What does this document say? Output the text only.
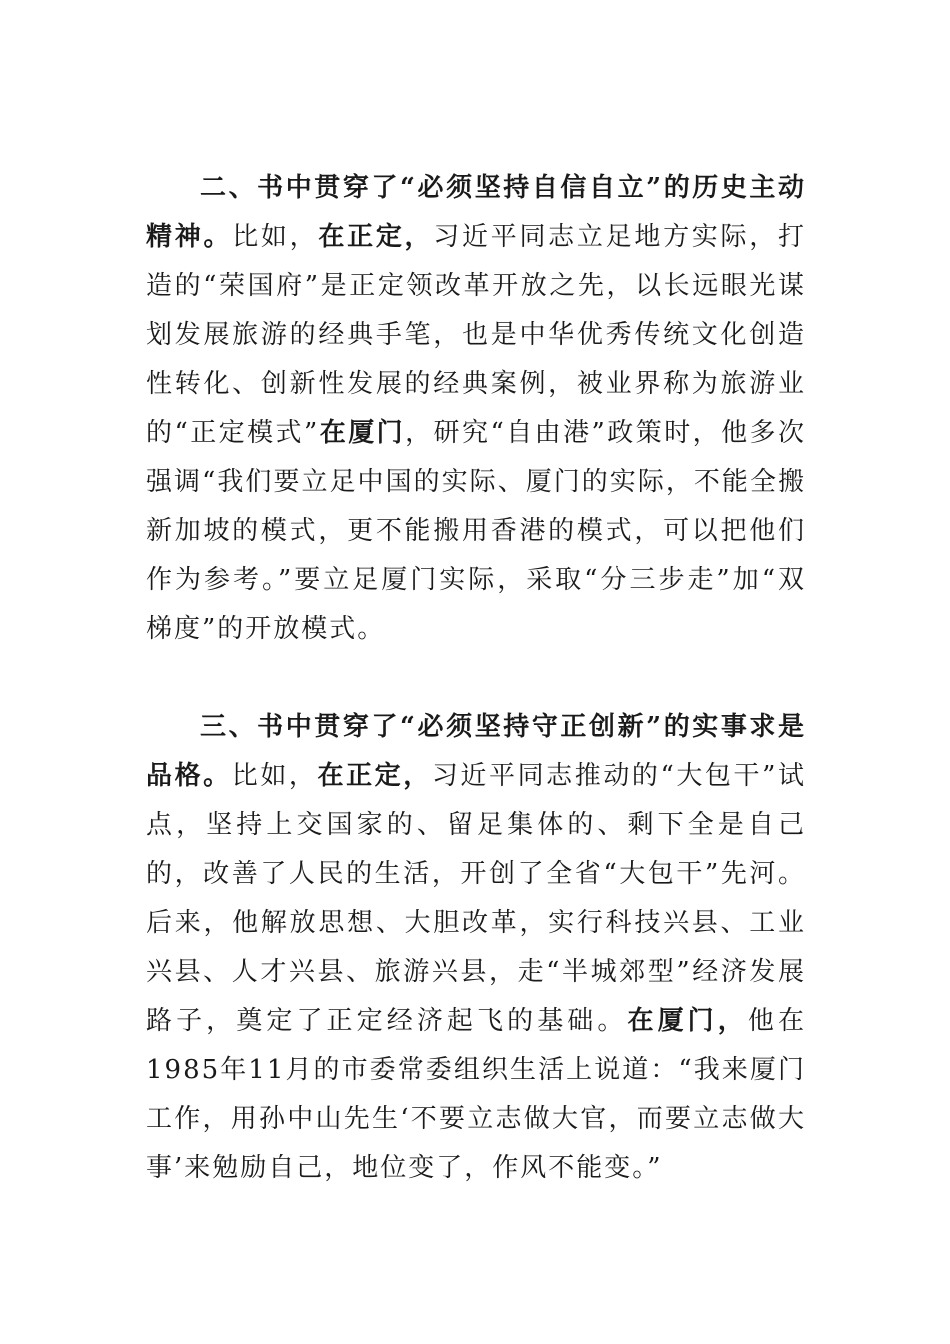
二、书中贯穿了“必须坚持自信自立”的历史主动精神。比如，在正定，习近平同志立足地方实际，打造的“荣国府”是正定领改革开放之先，以长远眼光谋划发展旅游的经典手笔，也是中华优秀传统文化创造性转化、创新性发展的经典案例，被业界称为旅游业的“正定模式”在厦门，研究“自由港”政策时，他多次强调“我们要立足中国的实际、厦门的实际，不能全搬新加坡的模式，更不能搬用香港的模式，可以把他们作为参考。”要立足厦门实际，采取“分三步走”加“双梯度”的开放模式。

三、书中贯穿了“必须坚持守正创新”的实事求是品格。比如，在正定，习近平同志推动的“大包干”试点，坚持上交国家的、留足集体的、剩下全是自己的，改善了人民的生活，开创了全省“大包干”先河。后来，他解放思想、大胆改革，实行科技兴县、工业兴县、人才兴县、旅游兴县，走“半城郊型”经济发展路子，奠定了正定经济起飞的基础。在厦门，他在1985年11月的市委常委组织生活上说道：“我来厦门工作，用孙中山先生‘不要立志做大官，而要立志做大事’来勉励自己，地位变了，作风不能变。”
